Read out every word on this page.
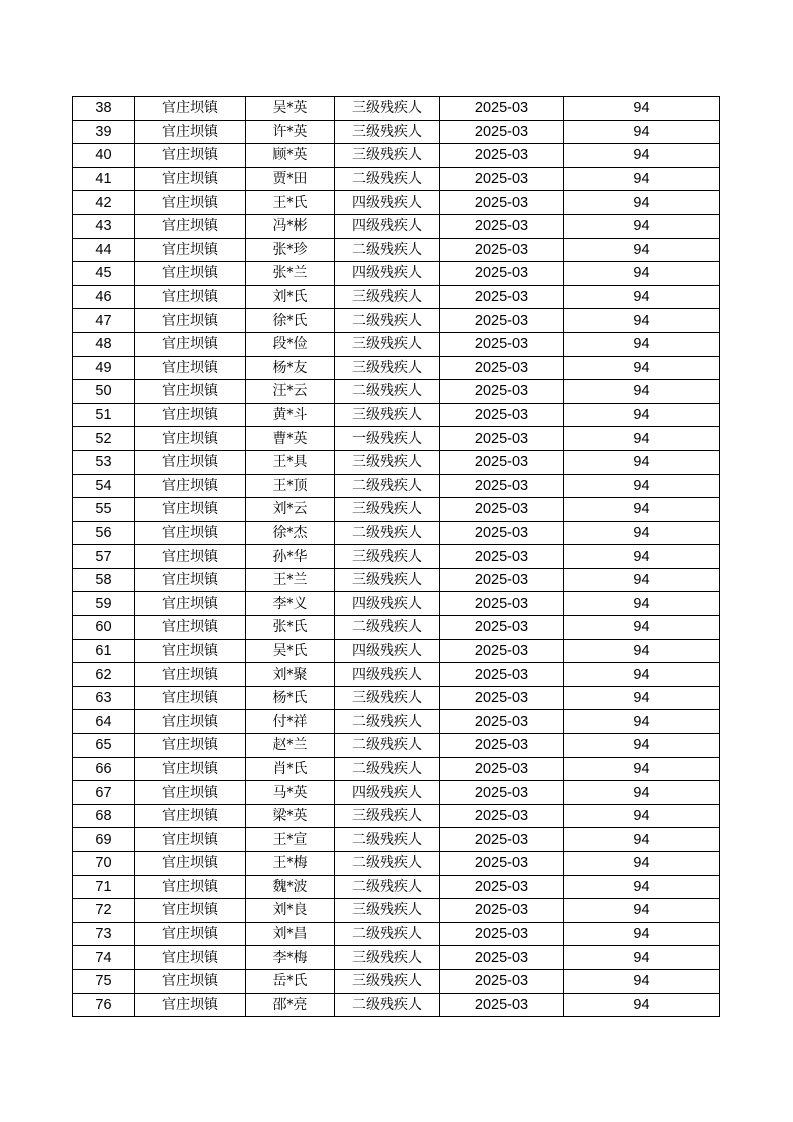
38	官庄坝镇	吴*英	三级残疾人	2025-03	94
39	官庄坝镇	许*英	三级残疾人	2025-03	94
40	官庄坝镇	顾*英	三级残疾人	2025-03	94
41	官庄坝镇	贾*田	二级残疾人	2025-03	94
42	官庄坝镇	王*氏	四级残疾人	2025-03	94
43	官庄坝镇	冯*彬	四级残疾人	2025-03	94
44	官庄坝镇	张*珍	二级残疾人	2025-03	94
45	官庄坝镇	张*兰	四级残疾人	2025-03	94
46	官庄坝镇	刘*氏	三级残疾人	2025-03	94
47	官庄坝镇	徐*氏	二级残疾人	2025-03	94
48	官庄坝镇	段*俭	三级残疾人	2025-03	94
49	官庄坝镇	杨*友	三级残疾人	2025-03	94
50	官庄坝镇	汪*云	二级残疾人	2025-03	94
51	官庄坝镇	黄*斗	三级残疾人	2025-03	94
52	官庄坝镇	曹*英	一级残疾人	2025-03	94
53	官庄坝镇	王*具	三级残疾人	2025-03	94
54	官庄坝镇	王*顶	二级残疾人	2025-03	94
55	官庄坝镇	刘*云	三级残疾人	2025-03	94
56	官庄坝镇	徐*杰	二级残疾人	2025-03	94
57	官庄坝镇	孙*华	三级残疾人	2025-03	94
58	官庄坝镇	王*兰	三级残疾人	2025-03	94
59	官庄坝镇	李*义	四级残疾人	2025-03	94
60	官庄坝镇	张*氏	二级残疾人	2025-03	94
61	官庄坝镇	吴*氏	四级残疾人	2025-03	94
62	官庄坝镇	刘*聚	四级残疾人	2025-03	94
63	官庄坝镇	杨*氏	三级残疾人	2025-03	94
64	官庄坝镇	付*祥	二级残疾人	2025-03	94
65	官庄坝镇	赵*兰	二级残疾人	2025-03	94
66	官庄坝镇	肖*氏	二级残疾人	2025-03	94
67	官庄坝镇	马*英	四级残疾人	2025-03	94
68	官庄坝镇	梁*英	三级残疾人	2025-03	94
69	官庄坝镇	王*宣	二级残疾人	2025-03	94
70	官庄坝镇	王*梅	二级残疾人	2025-03	94
71	官庄坝镇	魏*波	二级残疾人	2025-03	94
72	官庄坝镇	刘*良	三级残疾人	2025-03	94
73	官庄坝镇	刘*昌	二级残疾人	2025-03	94
74	官庄坝镇	李*梅	三级残疾人	2025-03	94
75	官庄坝镇	岳*氏	三级残疾人	2025-03	94
76	官庄坝镇	邵*亮	二级残疾人	2025-03	94
